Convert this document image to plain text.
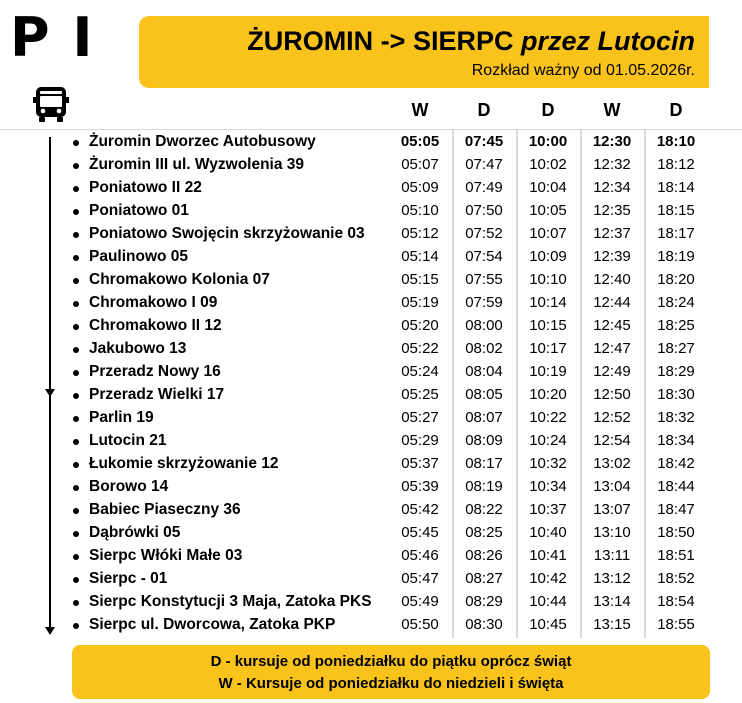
P I	ŻUROMIN -> SIERPC przez Lutocin
Rozkład ważny od 01.05.2026r.
W	D	D	W	D
Żuromin Dworzec Autobusowy	05:05	07:45	10:00	12:30	18:10
Żuromin III ul. Wyzwolenia 39	05:07	07:47	10:02	12:32	18:12
Poniatowo II 22	05:09	07:49	10:04	12:34	18:14
Poniatowo 01	05:10	07:50	10:05	12:35	18:15
Poniatowo Swojęcin skrzyżowanie 03	05:12	07:52	10:07	12:37	18:17
Paulinowo 05	05:14	07:54	10:09	12:39	18:19
Chromakowo Kolonia 07	05:15	07:55	10:10	12:40	18:20
Chromakowo I 09	05:19	07:59	10:14	12:44	18:24
Chromakowo II 12	05:20	08:00	10:15	12:45	18:25
Jakubowo 13	05:22	08:02	10:17	12:47	18:27
Przeradz Nowy 16	05:24	08:04	10:19	12:49	18:29
Przeradz Wielki 17	05:25	08:05	10:20	12:50	18:30
Parlin 19	05:27	08:07	10:22	12:52	18:32
Lutocin 21	05:29	08:09	10:24	12:54	18:34
Łukomie skrzyżowanie 12	05:37	08:17	10:32	13:02	18:42
Borowo 14	05:39	08:19	10:34	13:04	18:44
Babiec Piaseczny 36	05:42	08:22	10:37	13:07	18:47
Dąbrówki 05	05:45	08:25	10:40	13:10	18:50
Sierpc Włóki Małe 03	05:46	08:26	10:41	13:11	18:51
Sierpc - 01	05:47	08:27	10:42	13:12	18:52
Sierpc Konstytucji 3 Maja, Zatoka PKS	05:49	08:29	10:44	13:14	18:54
Sierpc ul. Dworcowa, Zatoka PKP	05:50	08:30	10:45	13:15	18:55
D - kursuje od poniedziałku do piątku oprócz świąt
W - Kursuje od poniedziałku do niedzieli i święta
